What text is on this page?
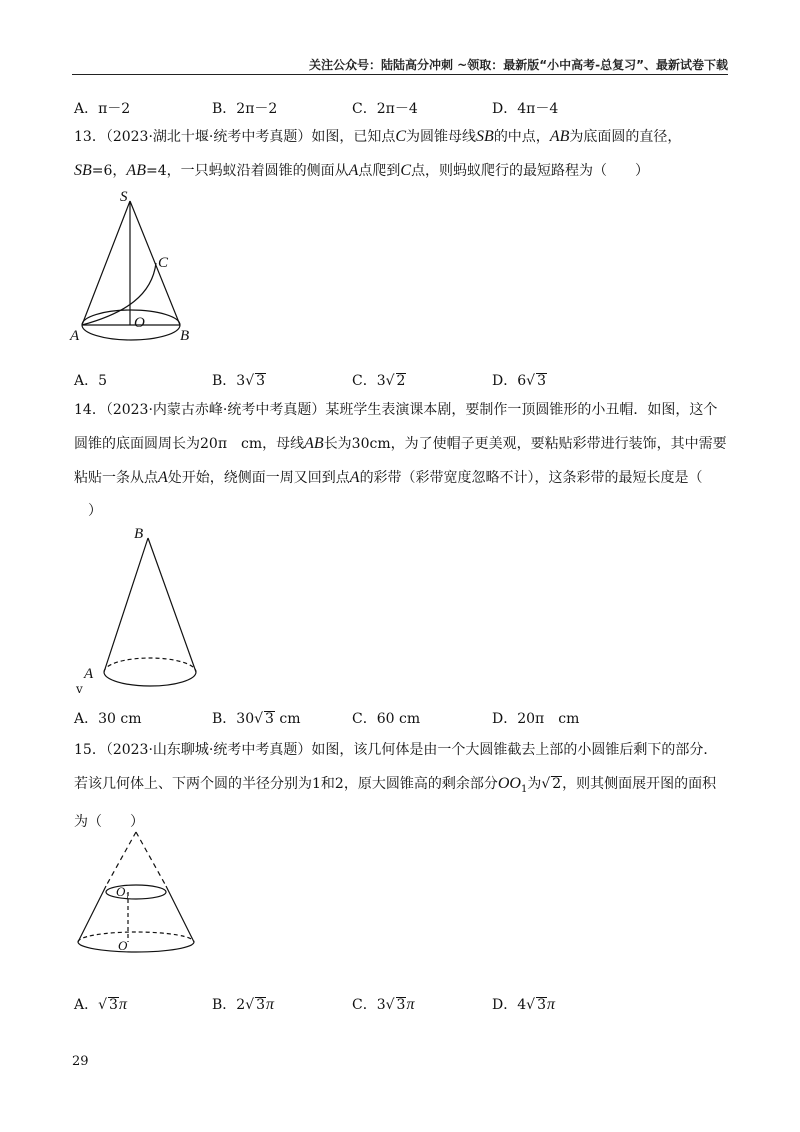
关注公众号：陆陆高分冲刺 ~领取：最新版“小中高考-总复习”、最新试卷下载
A．π－2	B．2π－2	C．2π－4	D．4π－4

13．（2023·湖北十堰·统考中考真题）如图，已知点C为圆锥母线SB的中点，AB为底面圆的直径，

SB=6，AB=4，一只蚂蚁沿着圆锥的侧面从A点爬到C点，则蚂蚁爬行的最短路程为（　　）

S
C
O
A	B
A．5	B．3√ 3	C．3√ 2	D．6√ 3

14．（2023·内蒙古赤峰·统考中考真题）某班学生表演课本剧，要制作一顶圆锥形的小丑帽．如图，这个

圆锥的底面圆周长为20π　cm，母线AB长为30cm，为了使帽子更美观，要粘贴彩带进行装饰，其中需要

粘贴一条从点A处开始，绕侧面一周又回到点A的彩带（彩带宽度忽略不计），这条彩带的最短长度是（

）

B
A
v
A．30 cm	B．30√ 3 cm	C．60 cm	D．20π　cm

15．（2023·山东聊城·统考中考真题）如图，该几何体是由一个大圆锥截去上部的小圆锥后剩下的部分．

若该几何体上、下两个圆的半径分别为1和2，原大圆锥高的剩余部分$OO_1$为√ 2，则其侧面展开图的面积

为（　　）

$O_1$
O
A．√ 3π	B．2√ 3π	C．3√ 3π	D．4√ 3π
29
